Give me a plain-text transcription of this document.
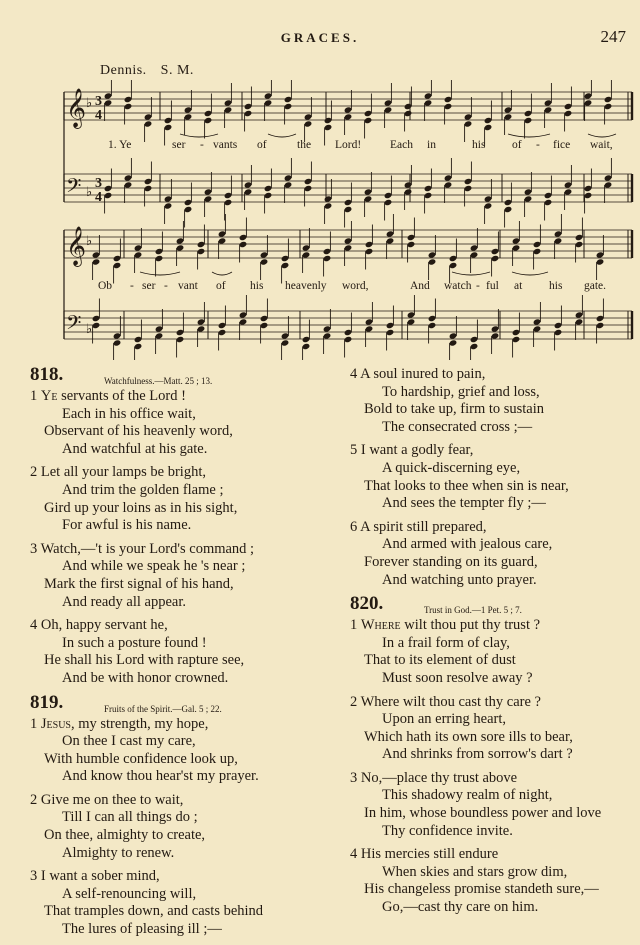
GRACES.	247
Dennis. S. M.
𝄞 ♭ 3
4
𝄢 ♭
3
4
𝄞 ♭
𝄢 ♭
1. Ye	ser - vants of	the Lord!	Each in	his of - fice wait,
Ob - ser - vant of his heavenly word,	And watch - ful at his gate.
818.	Watchfulness.—Matt. 25 ; 13.
1 Ye servants of the Lord !
Each in his office wait,
Observant of his heavenly word,
And watchful at his gate.
2 Let all your lamps be bright,
And trim the golden flame ;
Gird up your loins as in his sight,
For awful is his name.
3 Watch,—'t is your Lord's command ;
And while we speak he 's near ;
Mark the first signal of his hand,
And ready all appear.
4 Oh, happy servant he,
In such a posture found !
He shall his Lord with rapture see,
And be with honor crowned.
819.	Fruits of the Spirit.—Gal. 5 ; 22.
1 Jesus, my strength, my hope,
On thee I cast my care,
With humble confidence look up,
And know thou hear'st my prayer.
2 Give me on thee to wait,
Till I can all things do ;
On thee, almighty to create,
Almighty to renew.
3 I want a sober mind,
A self-renouncing will,
That tramples down, and casts behind
The lures of pleasing ill ;—
4 A soul inured to pain,
To hardship, grief and loss,
Bold to take up, firm to sustain
The consecrated cross ;—
5 I want a godly fear,
A quick-discerning eye,
That looks to thee when sin is near,
And sees the tempter fly ;—
6 A spirit still prepared,
And armed with jealous care,
Forever standing on its guard,
And watching unto prayer.
820.	Trust in God.—1 Pet. 5 ; 7.
1 Where wilt thou put thy trust ?
In a frail form of clay,
That to its element of dust
Must soon resolve away ?
2 Where wilt thou cast thy care ?
Upon an erring heart,
Which hath its own sore ills to bear,
And shrinks from sorrow's dart ?
3 No,—place thy trust above
This shadowy realm of night,
In him, whose boundless power and love
Thy confidence invite.
4 His mercies still endure
When skies and stars grow dim,
His changeless promise standeth sure,—
Go,—cast thy care on him.
